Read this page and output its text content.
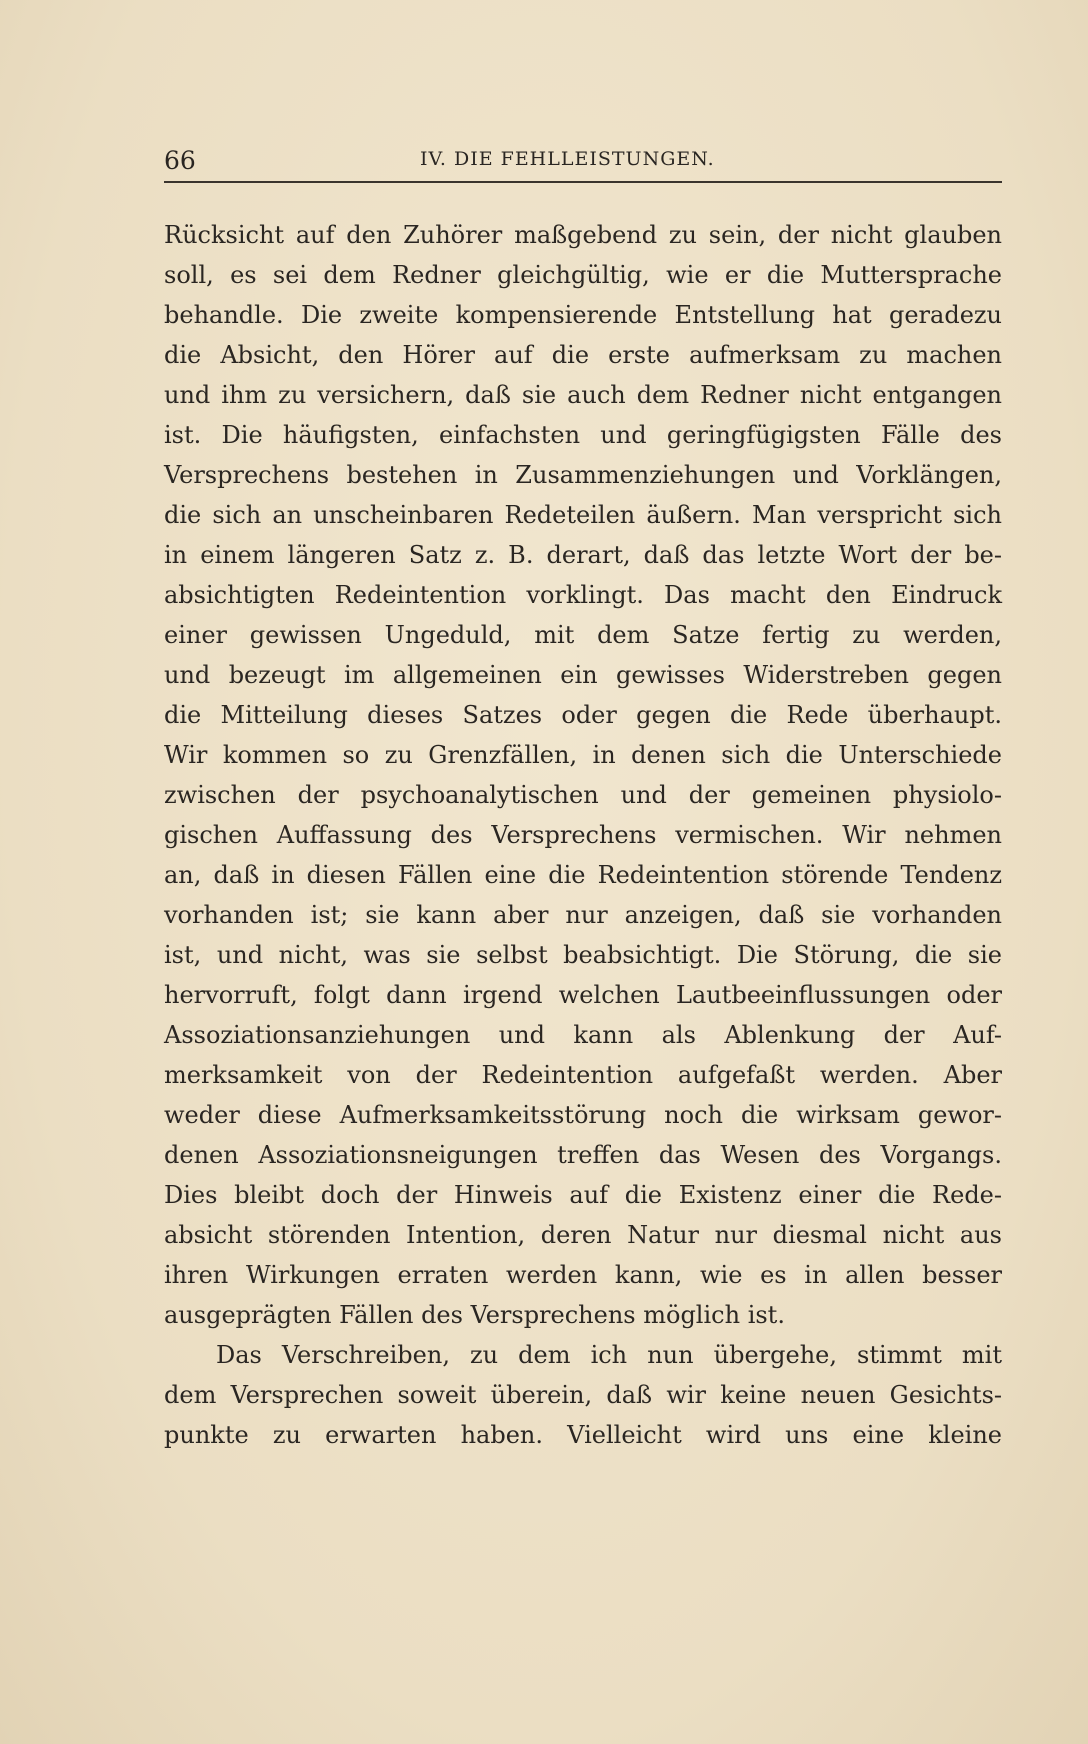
66	IV. DIE FEHLLEISTUNGEN.
Rücksicht auf den Zuhörer maßgebend zu sein, der nicht glauben
soll, es sei dem Redner gleichgültig, wie er die Muttersprache
behandle. Die zweite kompensierende Entstellung hat geradezu
die Absicht, den Hörer auf die erste aufmerksam zu machen
und ihm zu versichern, daß sie auch dem Redner nicht entgangen
ist. Die häufigsten, einfachsten und geringfügigsten Fälle des
Versprechens bestehen in Zusammenziehungen und Vorklängen,
die sich an unscheinbaren Redeteilen äußern. Man verspricht sich
in einem längeren Satz z. B. derart, daß das letzte Wort der be-
absichtigten Redeintention vorklingt. Das macht den Eindruck
einer gewissen Ungeduld, mit dem Satze fertig zu werden,
und bezeugt im allgemeinen ein gewisses Widerstreben gegen
die Mitteilung dieses Satzes oder gegen die Rede überhaupt.
Wir kommen so zu Grenzfällen, in denen sich die Unterschiede
zwischen der psychoanalytischen und der gemeinen physiolo-
gischen Auffassung des Versprechens vermischen. Wir nehmen
an, daß in diesen Fällen eine die Redeintention störende Tendenz
vorhanden ist; sie kann aber nur anzeigen, daß sie vorhanden
ist, und nicht, was sie selbst beabsichtigt. Die Störung, die sie
hervorruft, folgt dann irgend welchen Lautbeeinflussungen oder
Assoziationsanziehungen und kann als Ablenkung der Auf-
merksamkeit von der Redeintention aufgefaßt werden. Aber
weder diese Aufmerksamkeitsstörung noch die wirksam gewor-
denen Assoziationsneigungen treffen das Wesen des Vorgangs.
Dies bleibt doch der Hinweis auf die Existenz einer die Rede-
absicht störenden Intention, deren Natur nur diesmal nicht aus
ihren Wirkungen erraten werden kann, wie es in allen besser
ausgeprägten Fällen des Versprechens möglich ist.
Das Verschreiben, zu dem ich nun übergehe, stimmt mit
dem Versprechen soweit überein, daß wir keine neuen Gesichts-
punkte zu erwarten haben. Vielleicht wird uns eine kleine
